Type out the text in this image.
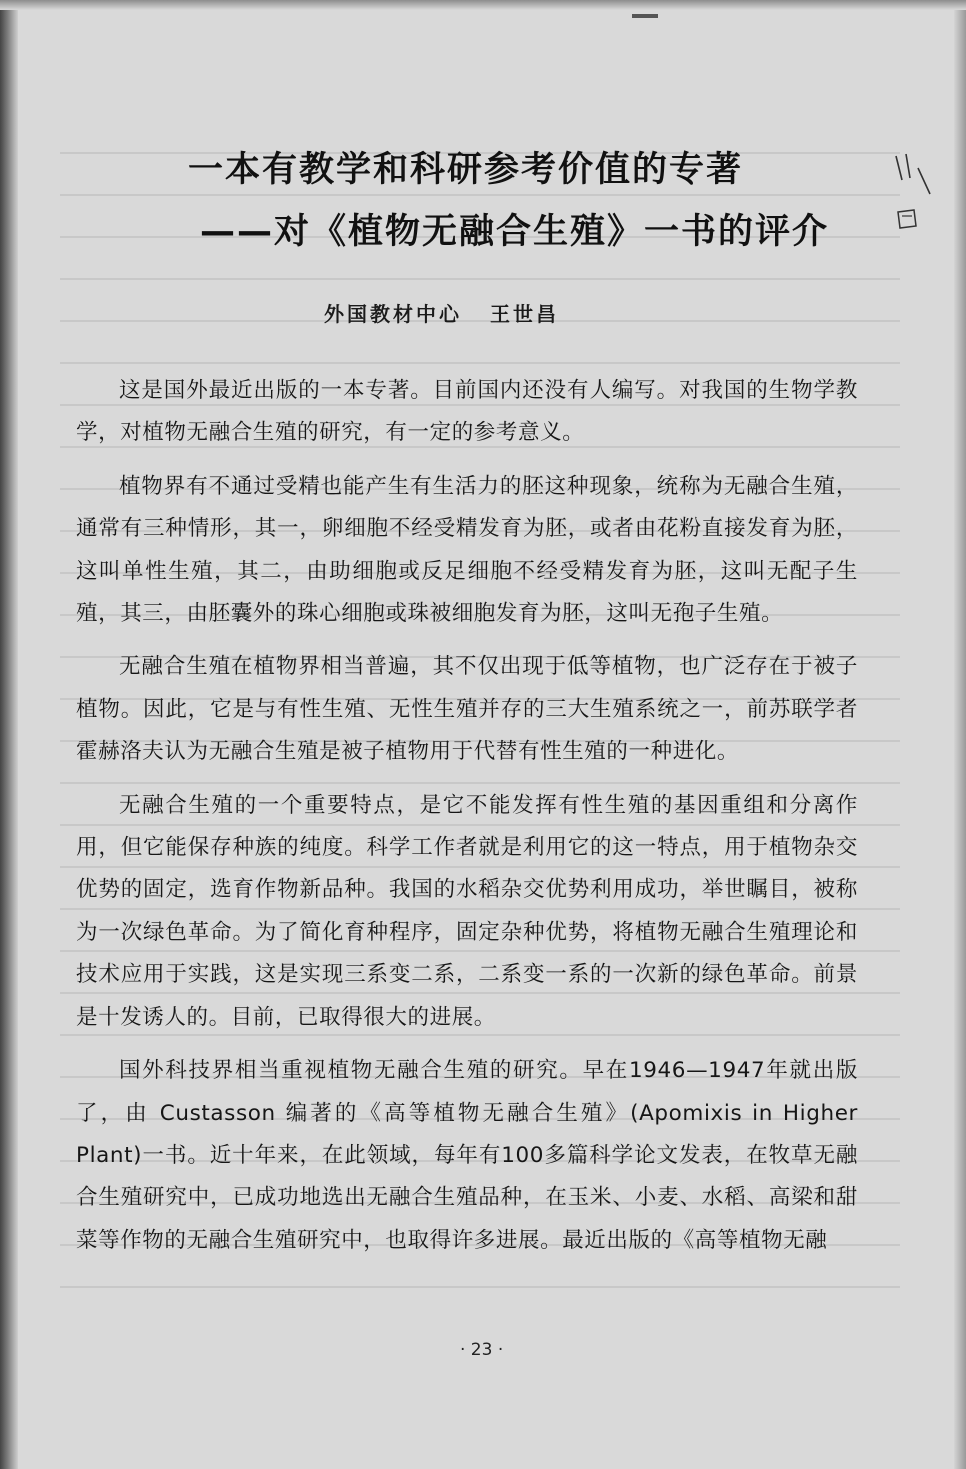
一本有教学和科研参考价值的专著
——对《植物无融合生殖》一书的评介
外国教材中心 王世昌

这是国外最近出版的一本专著。目前国内还没有人编写。对我国的生物学教学，对植物无融合生殖的研究，有一定的参考意义。

植物界有不通过受精也能产生有生活力的胚这种现象，统称为无融合生殖，通常有三种情形，其一，卵细胞不经受精发育为胚，或者由花粉直接发育为胚，这叫单性生殖，其二，由助细胞或反足细胞不经受精发育为胚，这叫无配子生殖，其三，由胚囊外的珠心细胞或珠被细胞发育为胚，这叫无孢子生殖。

无融合生殖在植物界相当普遍，其不仅出现于低等植物，也广泛存在于被子植物。因此，它是与有性生殖、无性生殖并存的三大生殖系统之一，前苏联学者霍赫洛夫认为无融合生殖是被子植物用于代替有性生殖的一种进化。

无融合生殖的一个重要特点，是它不能发挥有性生殖的基因重组和分离作用，但它能保存种族的纯度。科学工作者就是利用它的这一特点，用于植物杂交优势的固定，选育作物新品种。我国的水稻杂交优势利用成功，举世瞩目，被称为一次绿色革命。为了简化育种程序，固定杂种优势，将植物无融合生殖理论和技术应用于实践，这是实现三系变二系，二系变一系的一次新的绿色革命。前景是十发诱人的。目前，已取得很大的进展。

国外科技界相当重视植物无融合生殖的研究。早在1946—1947年就出版了，由 Custasson 编著的《高等植物无融合生殖》(Apomixis in Higher Plant)一书。近十年来，在此领域，每年有100多篇科学论文发表，在牧草无融合生殖研究中，已成功地选出无融合生殖品种，在玉米、小麦、水稻、高梁和甜菜等作物的无融合生殖研究中，也取得许多进展。最近出版的《高等植物无融

· 23 ·
